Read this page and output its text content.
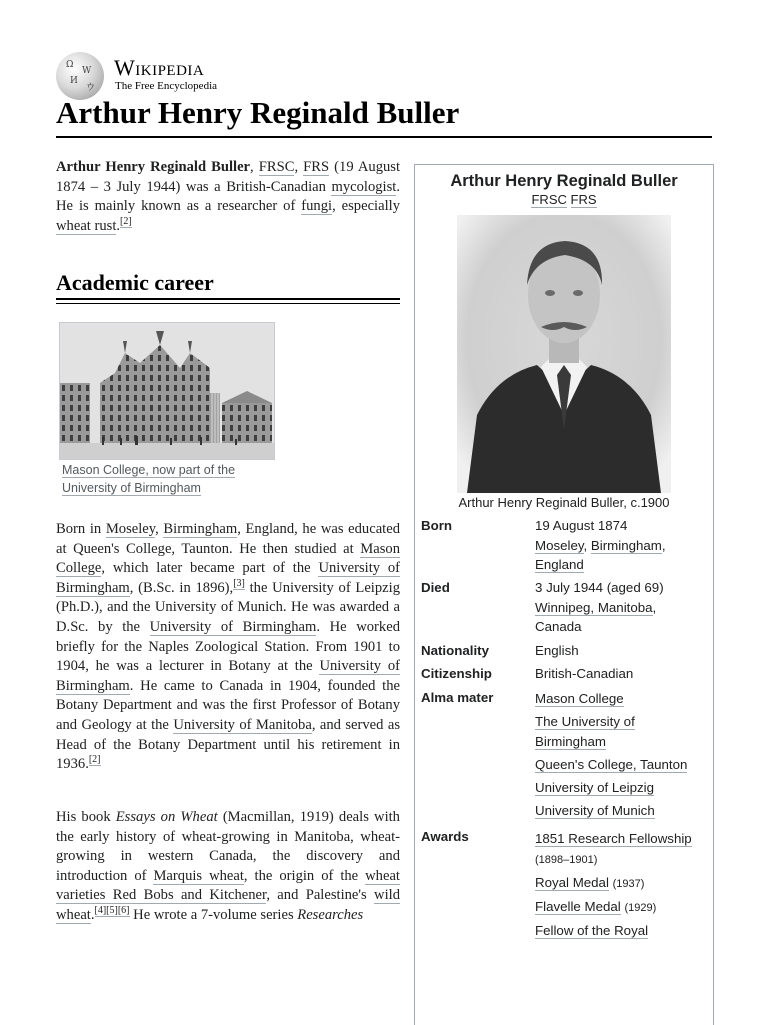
Ω
W
И
ウ
Wikipedia
The Free Encyclopedia
Arthur Henry Reginald Buller
Arthur Henry Reginald Buller, FRSC, FRS (19 August 1874 – 3 July 1944) was a British-Canadian mycologist. He is mainly known as a researcher of fungi, especially wheat rust.[2]
Academic career
Mason College, now part of the
University of Birmingham
Born in Moseley, Birmingham, England, he was educated at Queen's College, Taunton. He then studied at Mason College, which later became part of the University of Birmingham, (B.Sc. in 1896),[3] the University of Leipzig (Ph.D.), and the University of Munich. He was awarded a D.Sc. by the University of Birmingham. He worked briefly for the Naples Zoological Station. From 1901 to 1904, he was a lecturer in Botany at the University of Birmingham. He came to Canada in 1904, founded the Botany Department and was the first Professor of Botany and Geology at the University of Manitoba, and served as Head of the Botany Department until his retirement in 1936.[2]
His book Essays on Wheat (Macmillan, 1919) deals with the early history of wheat-growing in Manitoba, wheat-growing in western Canada, the discovery and introduction of Marquis wheat, the origin of the wheat varieties Red Bobs and Kitchener, and Palestine's wild wheat.[4][5][6] He wrote a 7-volume series Researches
Arthur Henry Reginald Buller
FRSC FRS
Arthur Henry Reginald Buller, c.1900
Born	19 August 1874
Moseley, Birmingham,
England
Died	3 July 1944 (aged 69)
Winnipeg, Manitoba,
Canada
Nationality	English
Citizenship	British-Canadian
Alma mater	Mason College
The University of Birmingham
Queen's College, Taunton
University of Leipzig
University of Munich
Awards	1851 Research Fellowship
(1898–1901)
Royal Medal (1937)
Flavelle Medal (1929)
Fellow of the Royal
